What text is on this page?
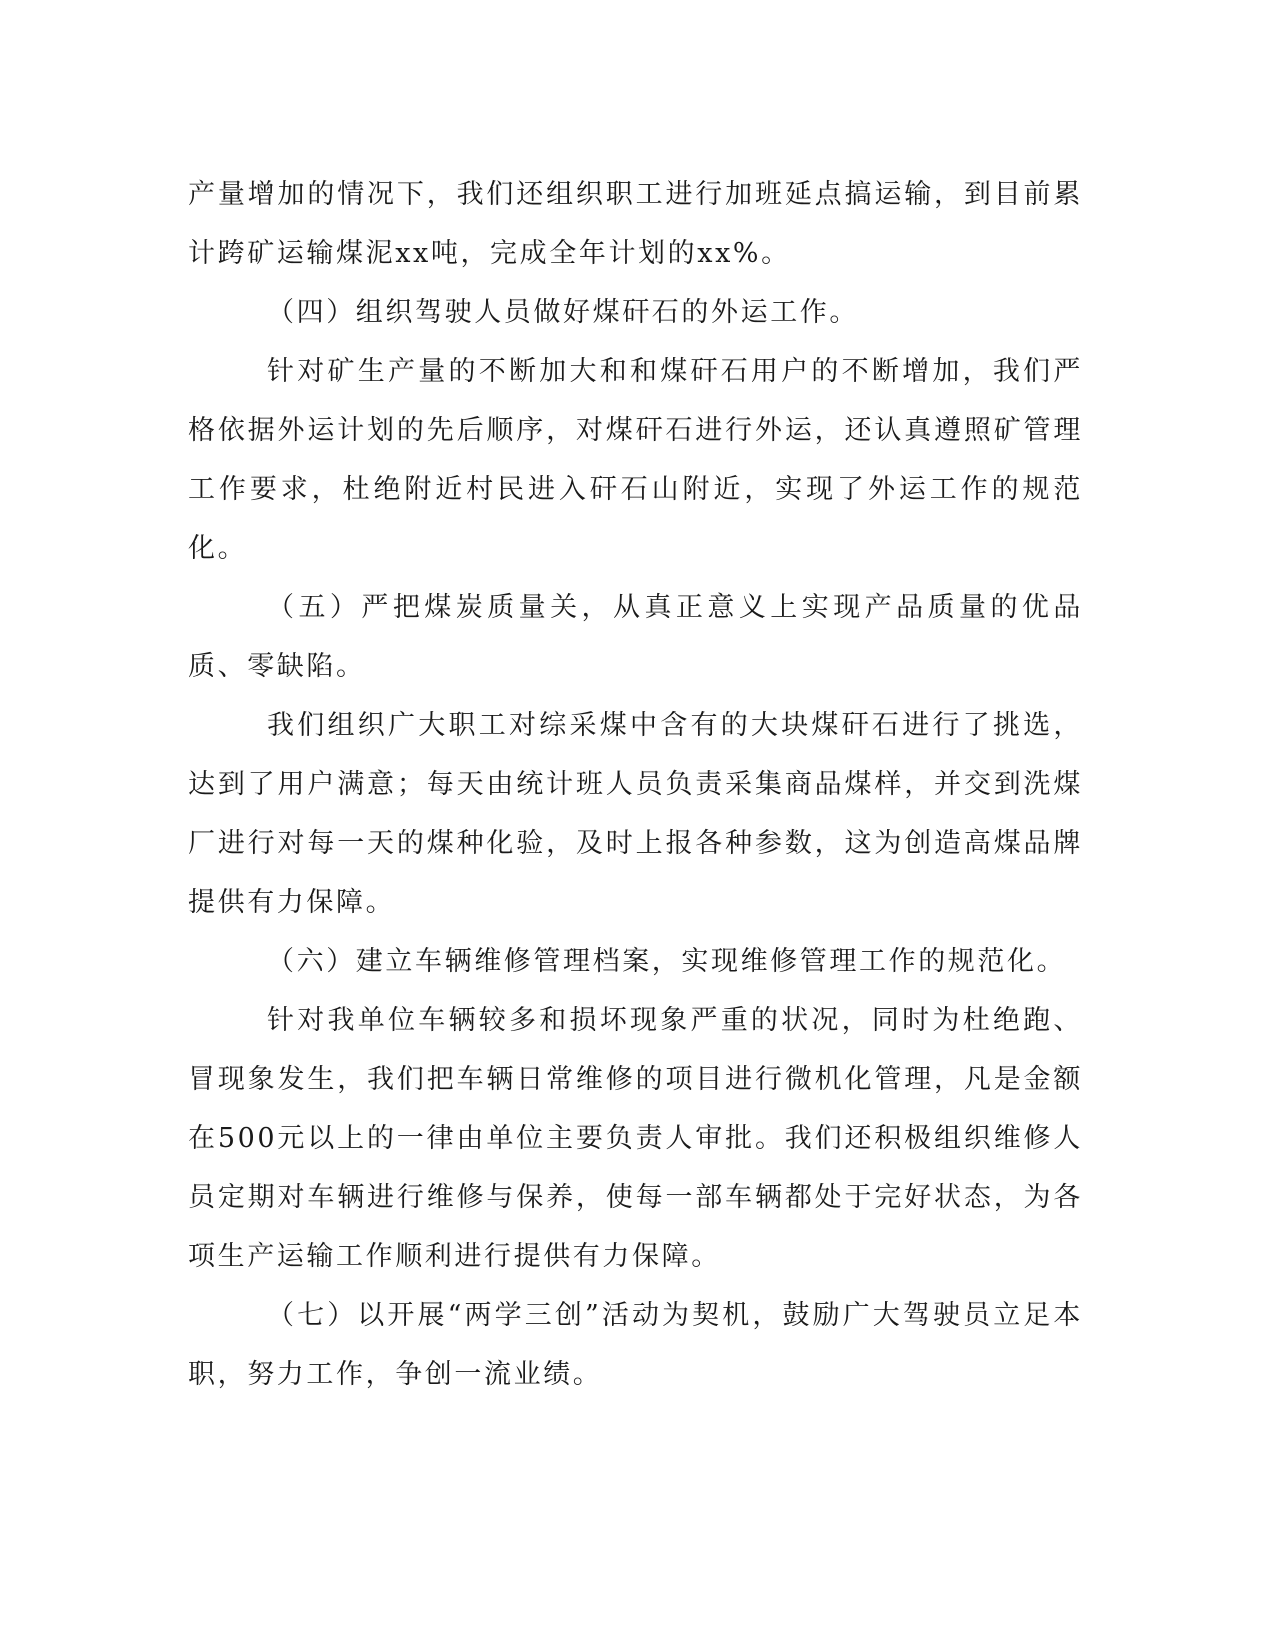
产量增加的情况下，我们还组织职工进行加班延点搞运输，到目前累计跨矿运输煤泥xx吨，完成全年计划的xx%。

（四）组织驾驶人员做好煤矸石的外运工作。

针对矿生产量的不断加大和和煤矸石用户的不断增加，我们严格依据外运计划的先后顺序，对煤矸石进行外运，还认真遵照矿管理工作要求，杜绝附近村民进入矸石山附近，实现了外运工作的规范化。

（五）严把煤炭质量关，从真正意义上实现产品质量的优品质、零缺陷。

我们组织广大职工对综采煤中含有的大块煤矸石进行了挑选，达到了用户满意；每天由统计班人员负责采集商品煤样，并交到洗煤厂进行对每一天的煤种化验，及时上报各种参数，这为创造高煤品牌提供有力保障。

（六）建立车辆维修管理档案，实现维修管理工作的规范化。

针对我单位车辆较多和损坏现象严重的状况，同时为杜绝跑、冒现象发生，我们把车辆日常维修的项目进行微机化管理，凡是金额在500元以上的一律由单位主要负责人审批。我们还积极组织维修人员定期对车辆进行维修与保养，使每一部车辆都处于完好状态，为各项生产运输工作顺利进行提供有力保障。

（七）以开展“两学三创”活动为契机，鼓励广大驾驶员立足本职，努力工作，争创一流业绩。
